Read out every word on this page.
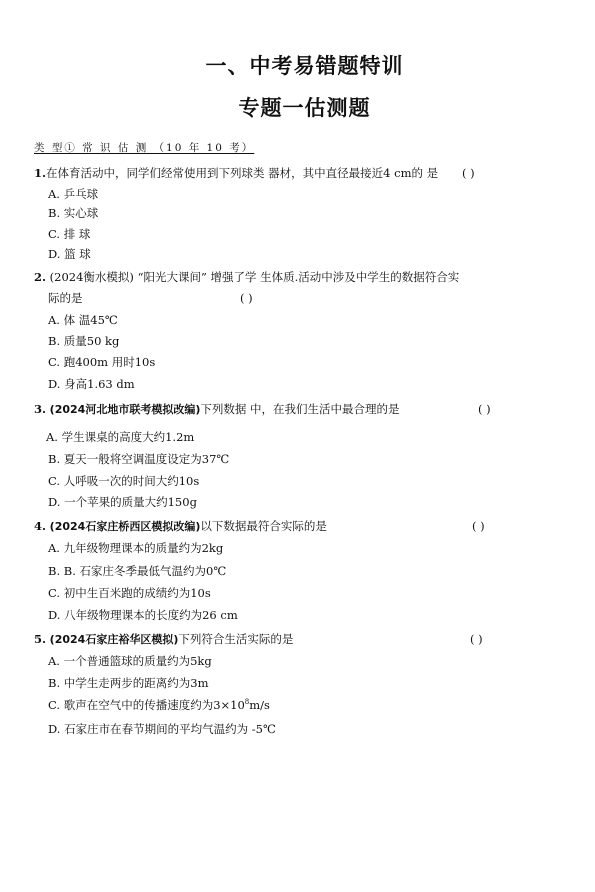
一、中考易错题特训
专题一估测题
类 型① 常 识 估 测 （10 年 10 考）
1.在体育活动中，同学们经常使用到下列球类 器材，其中直径最接近4 cm的 是 ( )
A. 乒乓球
B. 实心球
C. 排 球
D. 篮 球
2. (2024衡水模拟) “阳光大课间” 增强了学 生体质.活动中涉及中学生的数据符合实
际的是	( )
A. 体 温45℃
B. 质量50 kg
C. 跑400m 用时10s
D. 身高1.63 dm
3. (2024河北地市联考模拟改编)下列数据 中，在我们生活中最合理的是	( )
A. 学生课桌的高度大约1.2m
B. 夏天一般将空调温度设定为37℃
C. 人呼吸一次的时间大约10s
D. 一个苹果的质量大约150g
4. (2024石家庄桥西区模拟改编)以下数据最符合实际的是	( )
A. 九年级物理课本的质量约为2kg
B. B. 石家庄冬季最低气温约为0℃
C. 初中生百米跑的成绩约为10s
D. 八年级物理课本的长度约为26 cm
5. (2024石家庄裕华区模拟)下列符合生活实际的是	( )
A. 一个普通篮球的质量约为5kg
B. 中学生走两步的距离约为3m
C. 歌声在空气中的传播速度约为$3\times 10^8m/s$
D. 石家庄市在春节期间的平均气温约为 -5℃
